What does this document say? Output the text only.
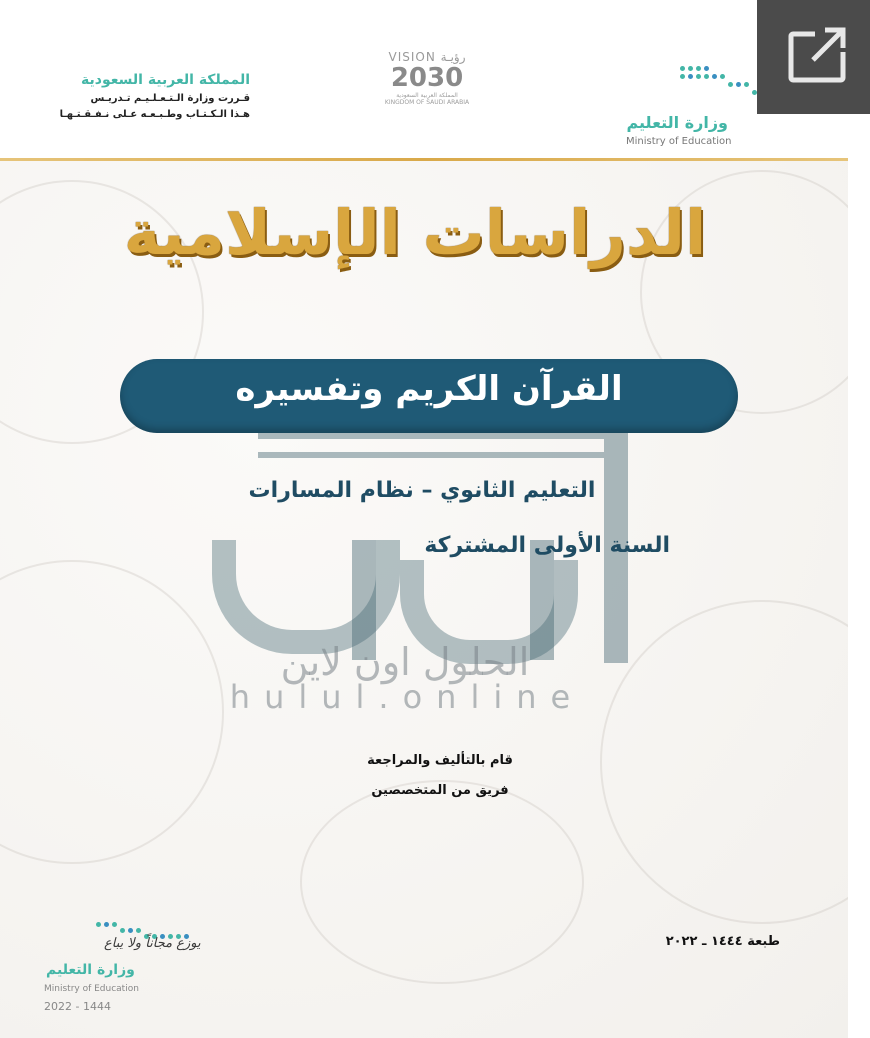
المملكة العربية السعودية
قـررت وزارة الـتـعـلـيـم تـدريـس
هـذا الـكـتـاب وطـبـعـه عـلى نـفـقـتـهـا
VISION رؤيـة
2030
المملكة العربية السعودية
KINGDOM OF SAUDI ARABIA
وزارة التعليم
Ministry of Education
الحلول اون لاين
hulul.online
الدراسات الإسلامية
القرآن الكريم وتفسيره
التعليم الثانوي – نظام المسارات
السنة الأولى المشتركة
قام بالتأليف والمراجعة
فريق من المتخصصين
طبعة ١٤٤٤ ـ ٢٠٢٢
يوزع مجاناً ولا يباع
وزارة التعليم
Ministry of Education
2022 - 1444
